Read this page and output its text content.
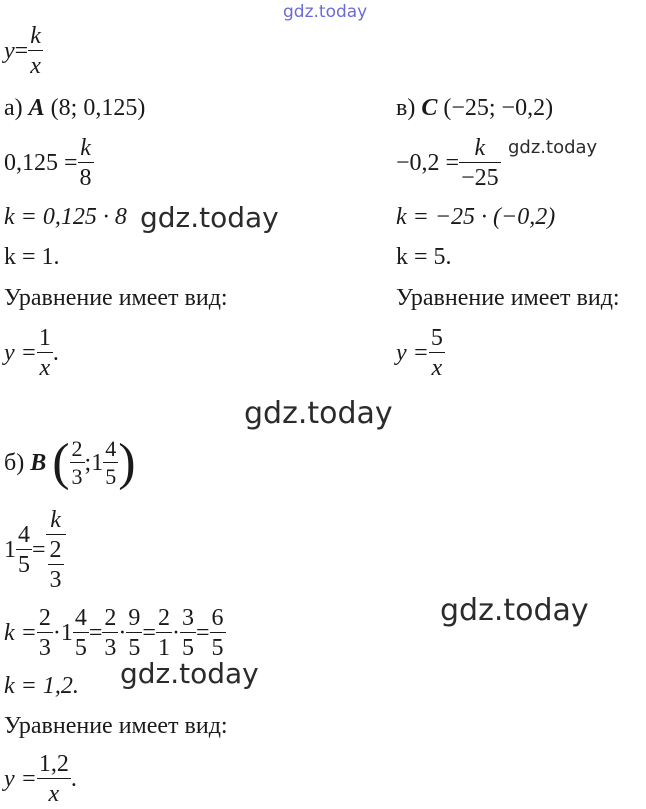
gdz.today
$y = \frac{k}{x}$
а) A (8; 0,125)
$0,125 = \frac{k}{8}$
k = 0,125 · 8 gdz.today
k = 1.
Уравнение имеет вид:
$y = \frac{1}{x}$ .
в) C (−25; −0,2)
$-0,2 = \frac{k}{-25}$ gdz.today
k = −25 · (−0,2)
k = 5.
Уравнение имеет вид:
$y = \frac{5}{x}$
gdz.today
б)
B
( $\frac{2}{3}$ ; $1 \frac{4}{5}$ )
$1 \frac{4}{5} = \frac{k}{\frac{2}{3}}$
$k = \frac{2}{3} \cdot 1 \frac{4}{5} = \frac{2}{3} \cdot \frac{9}{5} = \frac{2}{1} \cdot \frac{3}{5} = \frac{6}{5}$	gdz.today
k = 1,2. gdz.today
Уравнение имеет вид:
$y = \frac{1,2}{x}$ .
